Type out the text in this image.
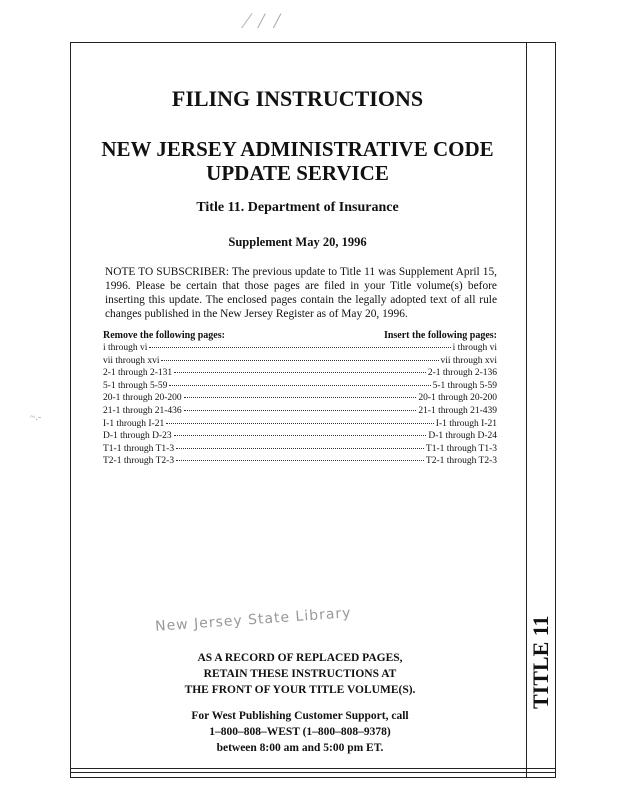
⁄ / /
FILING INSTRUCTIONS
NEW JERSEY ADMINISTRATIVE CODE
UPDATE SERVICE
Title 11. Department of Insurance
Supplement May 20, 1996
NOTE TO SUBSCRIBER: The previous update to Title 11 was Supplement April 15, 1996. Please be certain that those pages are filed in your Title volume(s) before inserting this update. The enclosed pages contain the legally adopted text of all rule changes published in the New Jersey Register as of May 20, 1996.
Remove the following pages:	Insert the following pages:
i through vi	i through vi
vii through xvi	vii through xvi
2-1 through 2-131	2-1 through 2-136
5-1 through 5-59	5-1 through 5-59
20-1 through 20-200	20-1 through 20-200
21-1 through 21-436	21-1 through 21-439
I-1 through I-21	I-1 through I-21
D-1 through D-23	D-1 through D-24
T1-1 through T1-3	T1-1 through T1-3
T2-1 through T2-3	T2-1 through T2-3
~.-
New Jersey State Library
AS A RECORD OF REPLACED PAGES,
RETAIN THESE INSTRUCTIONS AT
THE FRONT OF YOUR TITLE VOLUME(S).
For West Publishing Customer Support, call
1–800–808–WEST (1–800–808–9378)
between 8:00 am and 5:00 pm ET.
TITLE 11
